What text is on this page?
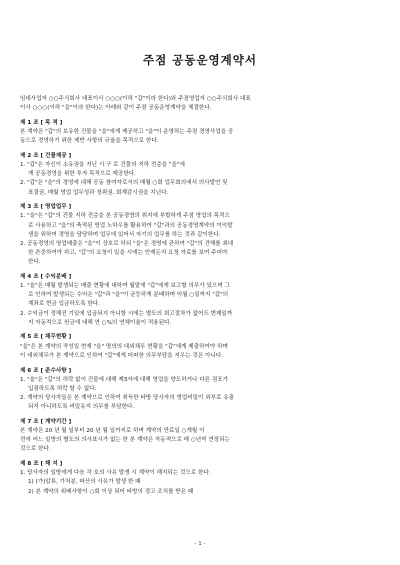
주점 공동운영계약서
임대사업자 ○○주식회사 대표이사 ○○○(이하 "갑"이라 한다)와 주점영업자 ○○주식회사 대표
이사 ○○○(이하 "을"이라 한다)는 아래와 같이 주점 공동운영계약을 체결한다.
제 1 조 [ 목 적 ]
본 계약은 "갑"의 보유한 건물을 "을"에게 제공하고 "을"이 운영하는 주점 경영사업을 공
동으로 경영하기 위한 제반 사항의 규율을 목적으로 한다.
제 2 조 [ 건물제공 ]
1. "갑"은 자신이 소유권을 지닌 시 구 로 건물의 지하 전층을 "을"에
게 공동경영을 위한 투자 목적으로 제공한다.
2. "갑"은 "을"의 경영에 대해 공동 참여자로서의 매월 ○회 업무회의에서 의사발언 및
표결권, 매월 영업 업무성과 청취권, 회계감시권을 지닌다.
제 3 조 [ 영업업무 ]
1. "을"은 "갑"의 건물 지하 전층을 본 공동경영의 취지에 부합하게 주점 영업의 목적으
로 사용하고 "을"의 축적된 영업 노하우를 활용하여 "갑"과의 공동경영계약의 이익발
생을 위하여 경영을 담당하며 업무에 있어서 자기의 업무를 하는 것과 같이한다.
2. 공동경영의 영업매출은 "을"이 상호로 하되 "을"은 경영에 관하여 "갑"의 견해를 최대
한 존중하여야 하고, "갑"의 요청이 있을 시에는 언제든지 요청 자료를 보여 주어야
한다.
제 4 조 [ 수익분배 ]
1. "을"은 매월 발생되는 매출 현황에 대하여 월말에 "갑"에게 보고할 의무가 있으며 그
로 인하여 발생되는 수익은 "갑"과 "을"이 균등하게 분배하며 익월 ○일까지 "갑"의
계좌로 현금 입금하도록 한다.
2. 수익금이 정해진 기일에 입금되지 아니할 시에는 별도의 최고절차가 없어도 변제일까
지 자동적으로 원금에 대해 연 ○%의 연체이율이 적용된다.
제 5 조 [ 채무현황 ]
"을"은 본 계약의 작성일 현재 "을" 명의의 대외채무 현황을 "갑"에게 제출하여야 하며
이 대외채무가 본 계약으로 인하여 "갑"에게 어떠한 의무부담을 지우는 것은 아니다.
제 6 조 [ 준수사항 ]
1. "을"은 "갑"의 허락 없이 건물에 대해 제3자에 대해 영업을 양도하거나 다른 점포가
입점하도록 허락 할 수 없다.
2. 계약의 당사자들은 본 계약으로 인하여 취득한 타방 당사자의 영업비밀이 외부로 유출
되지 아니하도록 비밀유지 의무를 부담한다.
제 7 조 [ 계약기간 ]
본 계약은 20 년 월 일부터 20 년 월 일까지로 하며 계약의 만료일 ○개월 이
전에 어느 일방의 별도의 의사표시가 없는 한 본 계약은 자동적으로 매 ○년씩 연장되는
것으로 한다.
제 8 조 [ 해 지 ]
1. 당사자의 일방에게 다음 각 호의 사유 발생 시 계약이 해지되는 것으로 한다.
1) (가)압류, 가처분, 파산의 사유가 발생 한 때
2) 본 계약의 위배사항이 ○회 이상 되어 타방의 경고 조치를 받은 때
- 1 -
